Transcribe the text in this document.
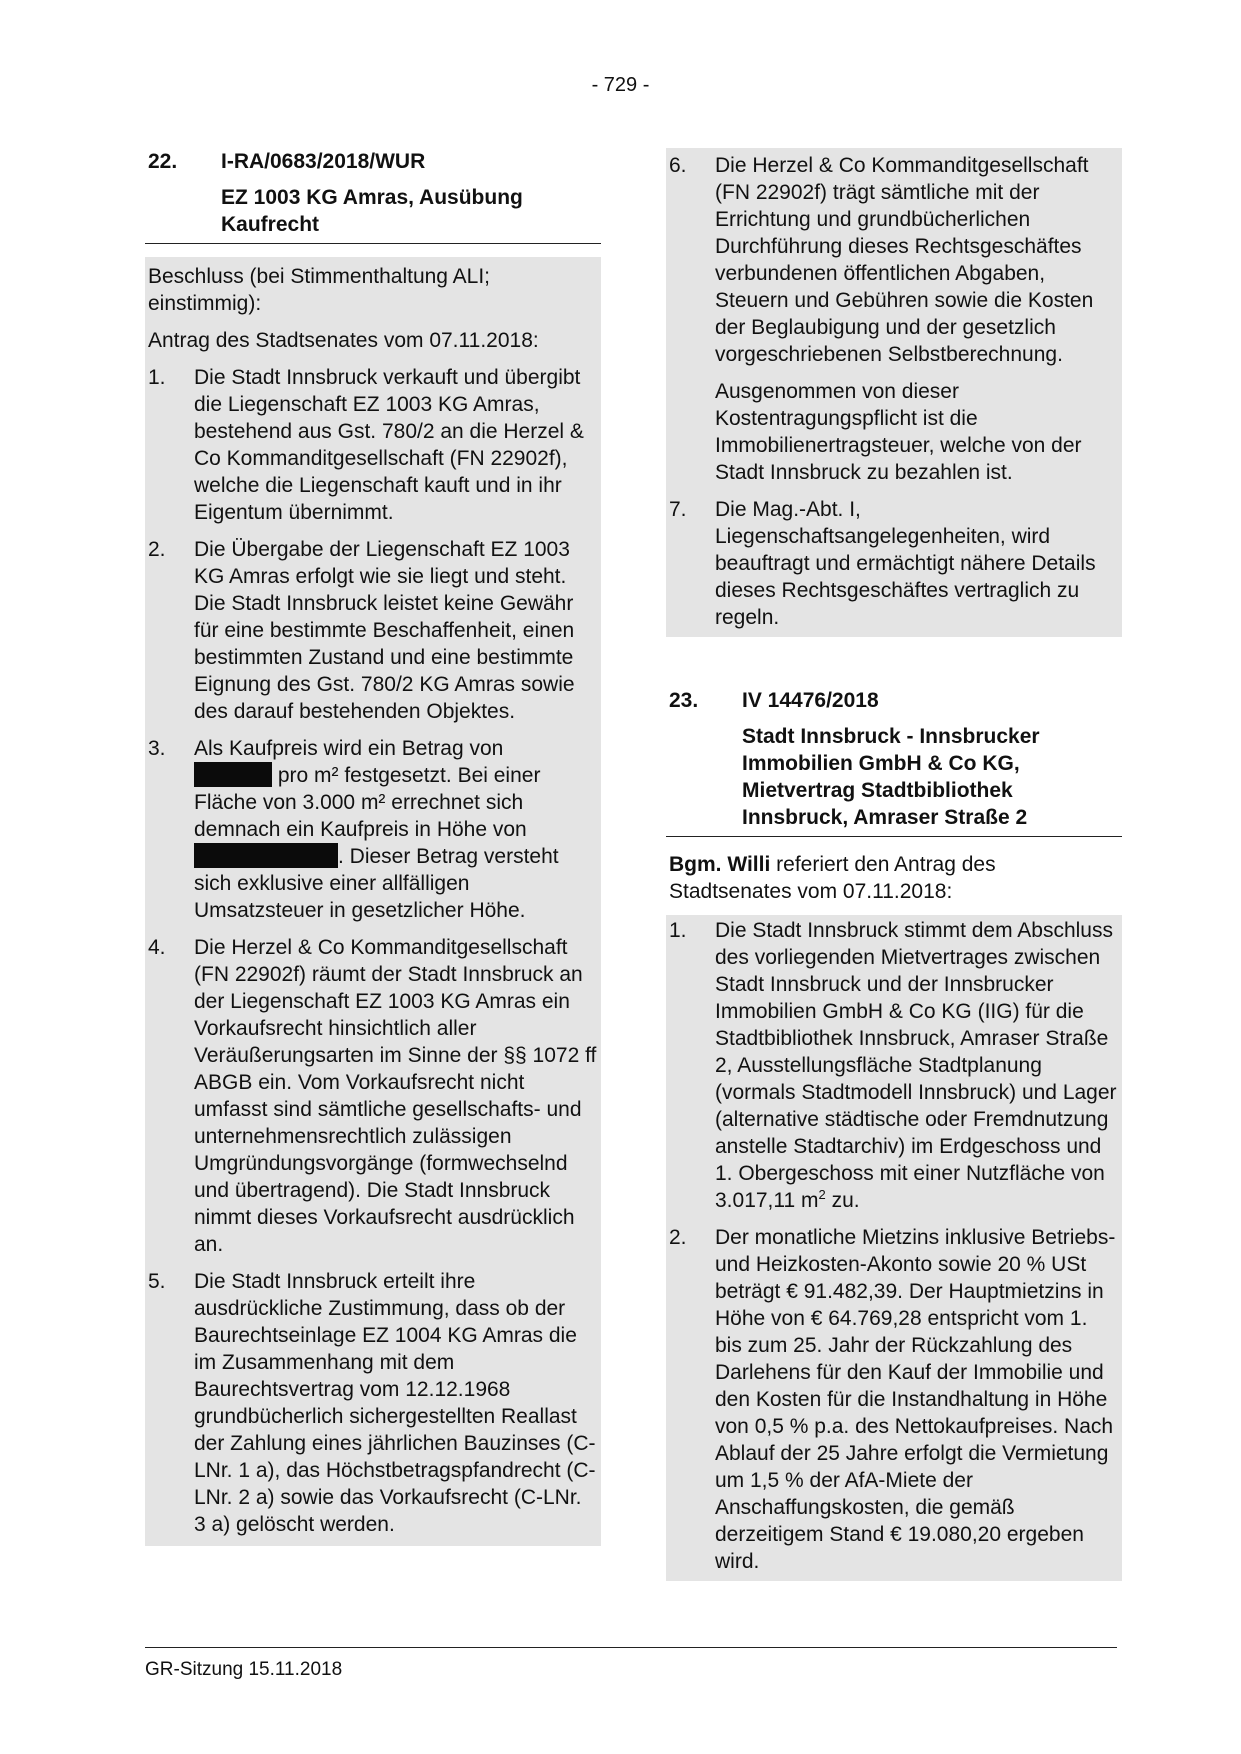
- 729 -
22. I-RA/0683/2018/WUR
EZ 1003 KG Amras, Ausübung Kaufrecht

Beschluss (bei Stimmenthaltung ALI; einstimmig):

Antrag des Stadtsenates vom 07.11.2018:

1. Die Stadt Innsbruck verkauft und übergibt die Liegenschaft EZ 1003 KG Amras, bestehend aus Gst. 780/2 an die Herzel & Co Kommanditgesellschaft (FN 22902f), welche die Liegenschaft kauft und in ihr Eigentum übernimmt.
2. Die Übergabe der Liegenschaft EZ 1003 KG Amras erfolgt wie sie liegt und steht. Die Stadt Innsbruck leistet keine Gewähr für eine bestimmte Beschaffenheit, einen bestimmten Zustand und eine bestimmte Eignung des Gst. 780/2 KG Amras sowie des darauf bestehenden Objektes.
3. Als Kaufpreis wird ein Betrag von
pro m² festgesetzt. Bei einer Fläche von 3.000 m² errechnet sich demnach ein Kaufpreis in Höhe von
. Dieser Betrag versteht sich exklusive einer allfälligen Umsatzsteuer in gesetzlicher Höhe.
4. Die Herzel & Co Kommanditgesellschaft (FN 22902f) räumt der Stadt Innsbruck an der Liegenschaft EZ 1003 KG Amras ein Vorkaufsrecht hinsichtlich aller Veräußerungsarten im Sinne der §§ 1072 ff ABGB ein. Vom Vorkaufsrecht nicht umfasst sind sämtliche gesellschafts- und unternehmensrechtlich zulässigen Umgründungsvorgänge (formwechselnd und übertragend). Die Stadt Innsbruck nimmt dieses Vorkaufsrecht ausdrücklich an.
5. Die Stadt Innsbruck erteilt ihre ausdrückliche Zustimmung, dass ob der Baurechtseinlage EZ 1004 KG Amras die im Zusammenhang mit dem Baurechtsvertrag vom 12.12.1968 grundbücherlich sichergestellten Reallast der Zahlung eines jährlichen Bauzinses (C-LNr. 1 a), das Höchstbetragspfandrecht (C-LNr. 2 a) sowie das Vorkaufsrecht (C-LNr. 3 a) gelöscht werden.
6. Die Herzel & Co Kommanditgesellschaft (FN 22902f) trägt sämtliche mit der Errichtung und grundbücherlichen Durchführung dieses Rechtsgeschäftes verbundenen öffentlichen Abgaben, Steuern und Gebühren sowie die Kosten der Beglaubigung und der gesetzlich vorgeschriebenen Selbstberechnung.
Ausgenommen von dieser Kostentragungspflicht ist die Immobilienertragsteuer, welche von der Stadt Innsbruck zu bezahlen ist.
7. Die Mag.-Abt. I, Liegenschaftsangelegenheiten, wird beauftragt und ermächtigt nähere Details dieses Rechtsgeschäftes vertraglich zu regeln.
23. IV 14476/2018
Stadt Innsbruck - Innsbrucker Immobilien GmbH & Co KG, Mietvertrag Stadtbibliothek Innsbruck, Amraser Straße 2

Bgm. Willi referiert den Antrag des Stadtsenates vom 07.11.2018:

1. Die Stadt Innsbruck stimmt dem Abschluss des vorliegenden Mietvertrages zwischen Stadt Innsbruck und der Innsbrucker Immobilien GmbH & Co KG (IIG) für die Stadtbibliothek Innsbruck, Amraser Straße 2, Ausstellungsfläche Stadtplanung (vormals Stadtmodell Innsbruck) und Lager (alternative städtische oder Fremdnutzung anstelle Stadtarchiv) im Erdgeschoss und 1. Obergeschoss mit einer Nutzfläche von 3.017,11 $m^2$ zu.
2. Der monatliche Mietzins inklusive Betriebs- und Heizkosten-Akonto sowie 20 % USt beträgt € 91.482,39. Der Hauptmietzins in Höhe von € 64.769,28 entspricht vom 1. bis zum 25. Jahr der Rückzahlung des Darlehens für den Kauf der Immobilie und den Kosten für die Instandhaltung in Höhe von 0,5 % p.a. des Nettokaufpreises. Nach Ablauf der 25 Jahre erfolgt die Vermietung um 1,5 % der AfA-Miete der Anschaffungskosten, die gemäß derzeitigem Stand € 19.080,20 ergeben wird.
GR-Sitzung 15.11.2018
